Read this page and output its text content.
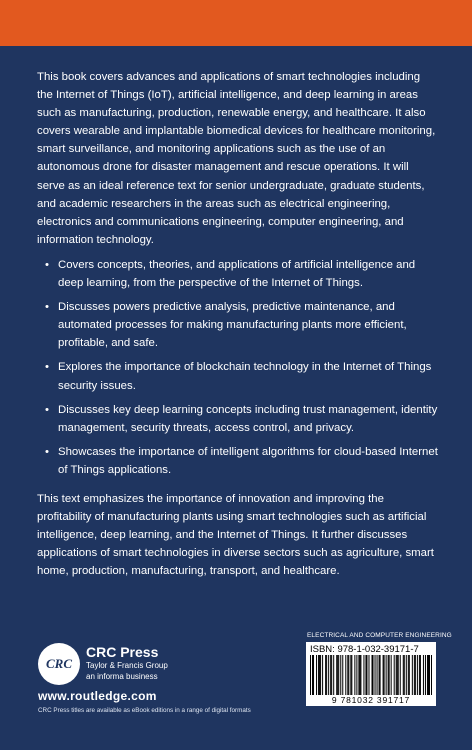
This book covers advances and applications of smart technologies including the Internet of Things (IoT), artificial intelligence, and deep learning in areas such as manufacturing, production, renewable energy, and healthcare. It also covers wearable and implantable biomedical devices for healthcare monitoring, smart surveillance, and monitoring applications such as the use of an autonomous drone for disaster management and rescue operations. It will serve as an ideal reference text for senior undergraduate, graduate students, and academic researchers in the areas such as electrical engineering, electronics and communications engineering, computer engineering, and information technology.

• Covers concepts, theories, and applications of artificial intelligence and deep learning, from the perspective of the Internet of Things.
• Discusses powers predictive analysis, predictive maintenance, and automated processes for making manufacturing plants more efficient, profitable, and safe.
• Explores the importance of blockchain technology in the Internet of Things security issues.
• Discusses key deep learning concepts including trust management, identity management, security threats, access control, and privacy.
• Showcases the importance of intelligent algorithms for cloud-based Internet of Things applications.

This text emphasizes the importance of innovation and improving the profitability of manufacturing plants using smart technologies such as artificial intelligence, deep learning, and the Internet of Things. It further discusses applications of smart technologies in diverse sectors such as agriculture, smart home, production, manufacturing, transport, and healthcare.

CRC
CRC Press
Taylor & Francis Group
an informa business
www.routledge.com
CRC Press titles are available as eBook editions in a range of digital formats
ELECTRICAL AND COMPUTER ENGINEERING
ISBN: 978-1-032-39171-7
9 781032 391717
